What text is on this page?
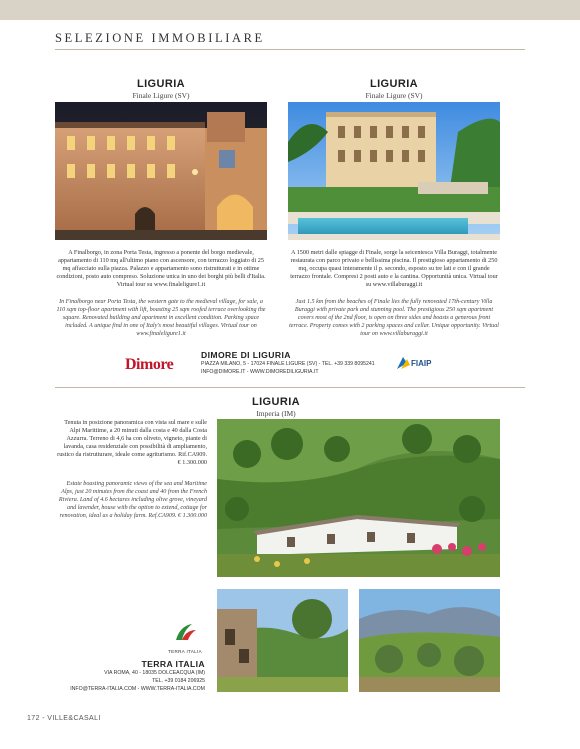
SELEZIONE IMMOBILIARE
LIGURIA
Finale Ligure (SV)
A Finalborgo, in zona Porta Testa, ingresso a ponente del borgo medievale, appartamento di 110 mq all'ultimo piano con ascensore, con terrazzo loggiato di 25 mq affacciato sulla piazza. Palazzo e appartamento sono ristrutturati e in ottime condizioni, posto auto compreso. Soluzione unica in uno dei borghi più belli d'Italia. Virtual tour su www.finaleligure1.it
In Finalborgo near Porta Testa, the western gate to the medieval village, for sale, a 110 sqm top-floor apartment with lift, boasting 25 sqm roofed terrace overlooking the square. Renovated building and apartment in excellent condition. Parking space included. A unique find in one of Italy's most beautiful villages. Virtual tour on www.finaleligure1.it
LIGURIA
Finale Ligure (SV)
A 1500 metri dalle spiagge di Finale, sorge la seicentesca Villa Buraggi, totalmente restaurata con parco privato e bellissima piscina. Il prestigioso appartamento di 250 mq, occupa quasi interamente il p. secondo, esposto su tre lati e con il grande terrazzo frontale. Compresi 2 posti auto e la cantina. Opportunità unica. Virtual tour su www.villaburaggi.it
Just 1.5 km from the beaches of Finale lies the fully renovated 17th-century Villa Buraggi with private park and stunning pool. The prestigious 250 sqm apartment covers most of the 2nd floor, is open on three sides and boasts a generous front terrace. Property comes with 2 parking spaces and cellar. Unique opportunity. Virtual tour on www.villaburaggi.it
Dimore
DIMORE DI LIGURIA
PIAZZA MILANO, 5 - 17024 FINALE LIGURE (SV) - TEL. +39 339 8095241
INFO@DIMORE.IT - WWW.DIMOREDILIGURIA.IT
FIAIP
LIGURIA
Imperia (IM)
Tenuta in posizione panoramica con vista sul mare e sulle Alpi Marittime, a 20 minuti dalla costa e 40 dalla Costa Azzurra. Terreno di 4,6 ha con oliveto, vigneto, piante di lavanda, casa residenziale con possibilità di ampliamento, rustico da ristrutturare, ideale come agriturismo. Rif.CA909. € 1.300.000
Estate boasting panoramic views of the sea and Maritime Alps, just 20 minutes from the coast and 40 from the French Riviera. Land of 4.6 hectares including olive grove, vineyard and lavender, house with the option to extend, cottage for renovation, ideal as a holiday farm. Ref.CA909. € 1.300.000
TERRA ITALIA
TERRA ITALIA
VIA ROMA, 40 - 18035 DOLCEACQUA (IM)
TEL. +39 0184 206925
INFO@TERRA-ITALIA.COM - WWW.TERRA-ITALIA.COM
172 - VILLE&CASALI
